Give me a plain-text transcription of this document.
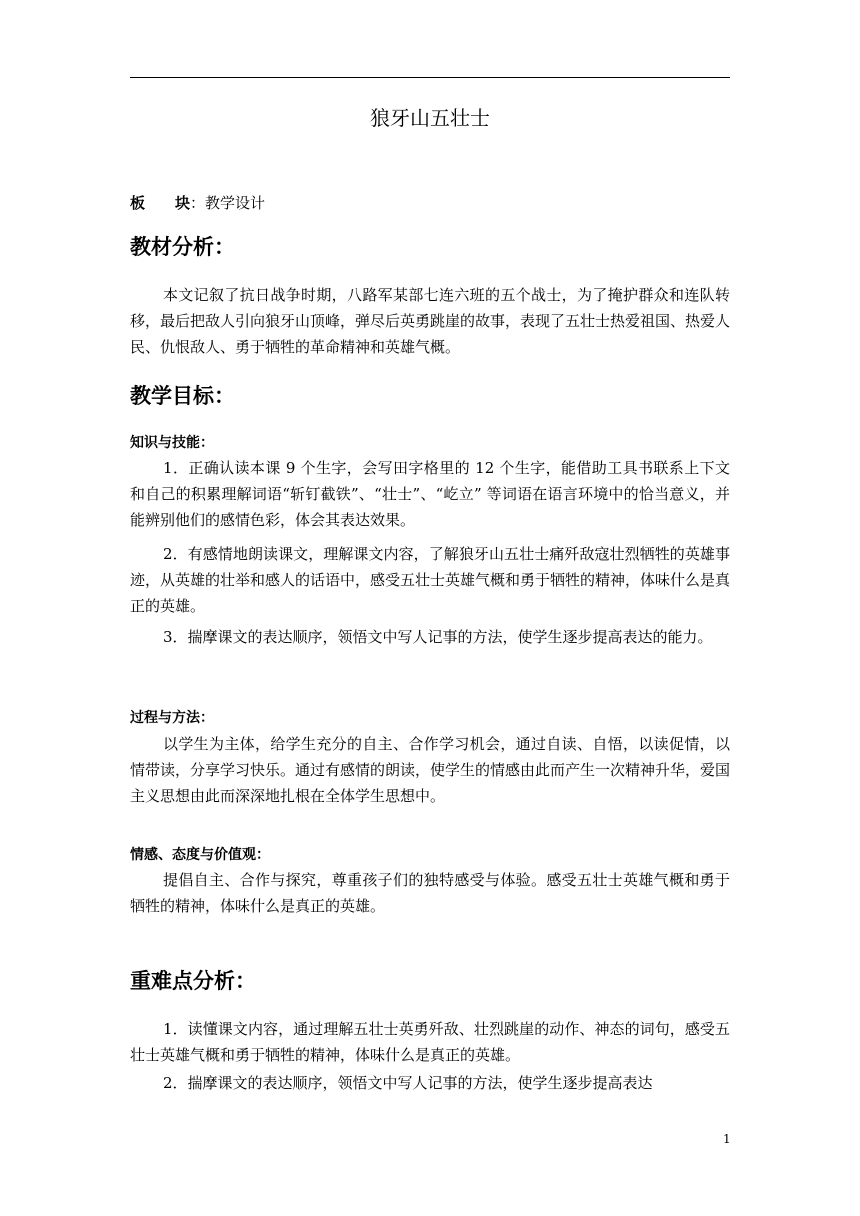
狼牙山五壮士
板 块：教学设计
教材分析：
本文记叙了抗日战争时期，八路军某部七连六班的五个战士，为了掩护群众和连队转移，最后把敌人引向狼牙山顶峰，弹尽后英勇跳崖的故事，表现了五壮士热爱祖国、热爱人民、仇恨敌人、勇于牺牲的革命精神和英雄气概。
教学目标：
知识与技能：
1．正确认读本课 9 个生字，会写田字格里的 12 个生字，能借助工具书联系上下文和自己的积累理解词语“斩钉截铁”、“壮士”、“屹立” 等词语在语言环境中的恰当意义，并能辨别他们的感情色彩，体会其表达效果。
2．有感情地朗读课文，理解课文内容，了解狼牙山五壮士痛歼敌寇壮烈牺牲的英雄事迹，从英雄的壮举和感人的话语中，感受五壮士英雄气概和勇于牺牲的精神，体味什么是真正的英雄。
3．揣摩课文的表达顺序，领悟文中写人记事的方法，使学生逐步提高表达的能力。
过程与方法：
以学生为主体，给学生充分的自主、合作学习机会，通过自读、自悟，以读促情，以情带读，分享学习快乐。通过有感情的朗读，使学生的情感由此而产生一次精神升华，爱国主义思想由此而深深地扎根在全体学生思想中。
情感、态度与价值观：
提倡自主、合作与探究，尊重孩子们的独特感受与体验。感受五壮士英雄气概和勇于牺牲的精神，体味什么是真正的英雄。
重难点分析：
1．读懂课文内容，通过理解五壮士英勇歼敌、壮烈跳崖的动作、神态的词句，感受五壮士英雄气概和勇于牺牲的精神，体味什么是真正的英雄。
2．揣摩课文的表达顺序，领悟文中写人记事的方法，使学生逐步提高表达
1
